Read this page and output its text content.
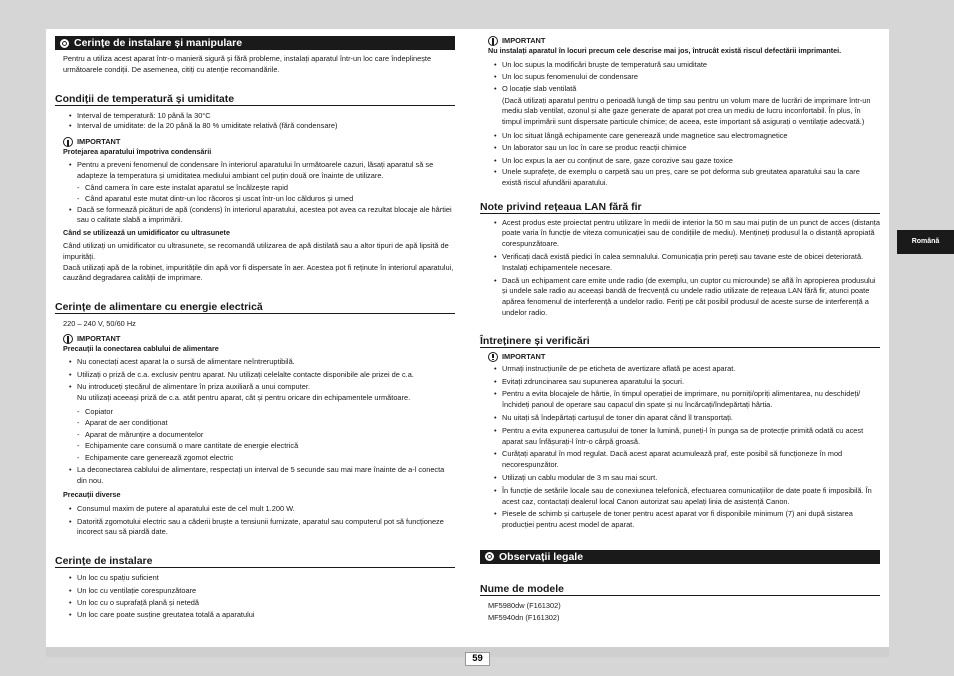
59
Română
Cerințe de instalare și manipulare
Pentru a utiliza acest aparat într-o manieră sigură și fără probleme, instalați aparatul într-un loc care îndeplinește următoarele condiții. De asemenea, citiți cu atenție recomandările.
Condiții de temperatură și umiditate
• Interval de temperatură: 10 până la 30°C
• Interval de umiditate: de la 20 până la 80 % umiditate relativă (fără condensare)
IMPORTANT
Protejarea aparatului împotriva condensării
• Pentru a preveni fenomenul de condensare în interiorul aparatului în următoarele cazuri, lăsați aparatul să se adapteze la temperatura și umiditatea mediului ambiant cel puțin două ore înainte de utilizare.
- Când camera în care este instalat aparatul se încălzește rapid
- Când aparatul este mutat dintr-un loc răcoros și uscat într-un loc călduros și umed
• Dacă se formează picături de apă (condens) în interiorul aparatului, acestea pot avea ca rezultat blocaje ale hârtiei sau o calitate slabă a imprimării.
Când se utilizează un umidificator cu ultrasunete
Când utilizați un umidificator cu ultrasunete, se recomandă utilizarea de apă distilată sau a altor tipuri de apă lipsită de impurități.
Dacă utilizați apă de la robinet, impuritățile din apă vor fi dispersate în aer. Acestea pot fi reținute în interiorul aparatului, cauzând degradarea calității de imprimare.
Cerințe de alimentare cu energie electrică
220 – 240 V, 50/60 Hz
IMPORTANT
Precauții la conectarea cablului de alimentare
• Nu conectați acest aparat la o sursă de alimentare neîntreruptibilă.
• Utilizați o priză de c.a. exclusiv pentru aparat. Nu utilizați celelalte contacte disponibile ale prizei de c.a.
• Nu introduceți ștecărul de alimentare în priza auxiliară a unui computer.
Nu utilizați aceeași priză de c.a. atât pentru aparat, cât și pentru oricare din echipamentele următoare.
- Copiator
- Aparat de aer condiționat
- Aparat de mărunțire a documentelor
- Echipamente care consumă o mare cantitate de energie electrică
- Echipamente care generează zgomot electric
• La deconectarea cablului de alimentare, respectați un interval de 5 secunde sau mai mare înainte de a-l conecta din nou.
Precauții diverse
• Consumul maxim de putere al aparatului este de cel mult 1.200 W.
• Datorită zgomotului electric sau a căderii bruște a tensiunii furnizate, aparatul sau computerul pot să funcționeze incorect sau să piardă date.
Cerințe de instalare
• Un loc cu spațiu suficient
• Un loc cu ventilație corespunzătoare
• Un loc cu o suprafață plană și netedă
• Un loc care poate susține greutatea totală a aparatului
IMPORTANT
Nu instalați aparatul în locuri precum cele descrise mai jos, întrucât există riscul defectării imprimantei.
• Un loc supus la modificări bruște de temperatură sau umiditate
• Un loc supus fenomenului de condensare
• O locație slab ventilată
(Dacă utilizați aparatul pentru o perioadă lungă de timp sau pentru un volum mare de lucrări de imprimare într-un mediu slab ventilat, ozonul și alte gaze generate de aparat pot crea un mediu de lucru inconfortabil. În plus, în timpul imprimării sunt dispersate particule chimice; de aceea, este important să asigurați o ventilație adecvată.)
• Un loc situat lângă echipamente care generează unde magnetice sau electromagnetice
• Un laborator sau un loc în care se produc reacții chimice
• Un loc expus la aer cu conținut de sare, gaze corozive sau gaze toxice
• Unele suprafețe, de exemplu o carpetă sau un preș, care se pot deforma sub greutatea aparatului sau la care există riscul afundării aparatului.
Note privind rețeaua LAN fără fir
• Acest produs este proiectat pentru utilizare în medii de interior la 50 m sau mai puțin de un punct de acces (distanța poate varia în funcție de viteza comunicației sau de condițiile de mediu). Mențineți produsul la o distanță apropiată corespunzătoare.
• Verificați dacă există piedici în calea semnalului. Comunicația prin pereți sau tavane este de obicei deteriorată. Instalați echipamentele necesare.
• Dacă un echipament care emite unde radio (de exemplu, un cuptor cu microunde) se află în apropierea produsului și undele sale radio au aceeași bandă de frecvență cu undele radio utilizate de rețeaua LAN fără fir, atunci poate apărea fenomenul de interferență a undelor radio. Feriți pe cât posibil produsul de aceste surse de interferență a undelor radio.
Întreținere și verificări
IMPORTANT
• Urmați instrucțiunile de pe eticheta de avertizare aflată pe acest aparat.
• Evitați zdruncinarea sau supunerea aparatului la șocuri.
• Pentru a evita blocajele de hârtie, în timpul operației de imprimare, nu porniți/opriți alimentarea, nu deschideți/închideți panoul de operare sau capacul din spate și nu încărcați/îndepărtați hârtia.
• Nu uitați să îndepărtați cartușul de toner din aparat când îl transportați.
• Pentru a evita expunerea cartușului de toner la lumină, puneți-l în punga sa de protecție primită odată cu acest aparat sau înfășurați-l într-o cârpă groasă.
• Curățați aparatul în mod regulat. Dacă acest aparat acumulează praf, este posibil să funcționeze în mod necorespunzător.
• Utilizați un cablu modular de 3 m sau mai scurt.
• În funcție de setările locale sau de conexiunea telefonică, efectuarea comunicațiilor de date poate fi imposibilă. În acest caz, contactați dealerul local Canon autorizat sau apelați linia de asistență Canon.
• Piesele de schimb și cartușele de toner pentru acest aparat vor fi disponibile minimum (7) ani după sistarea producției pentru acest model de aparat.
Observații legale
Nume de modele
MF5980dw (F161302)
MF5940dn (F161302)
